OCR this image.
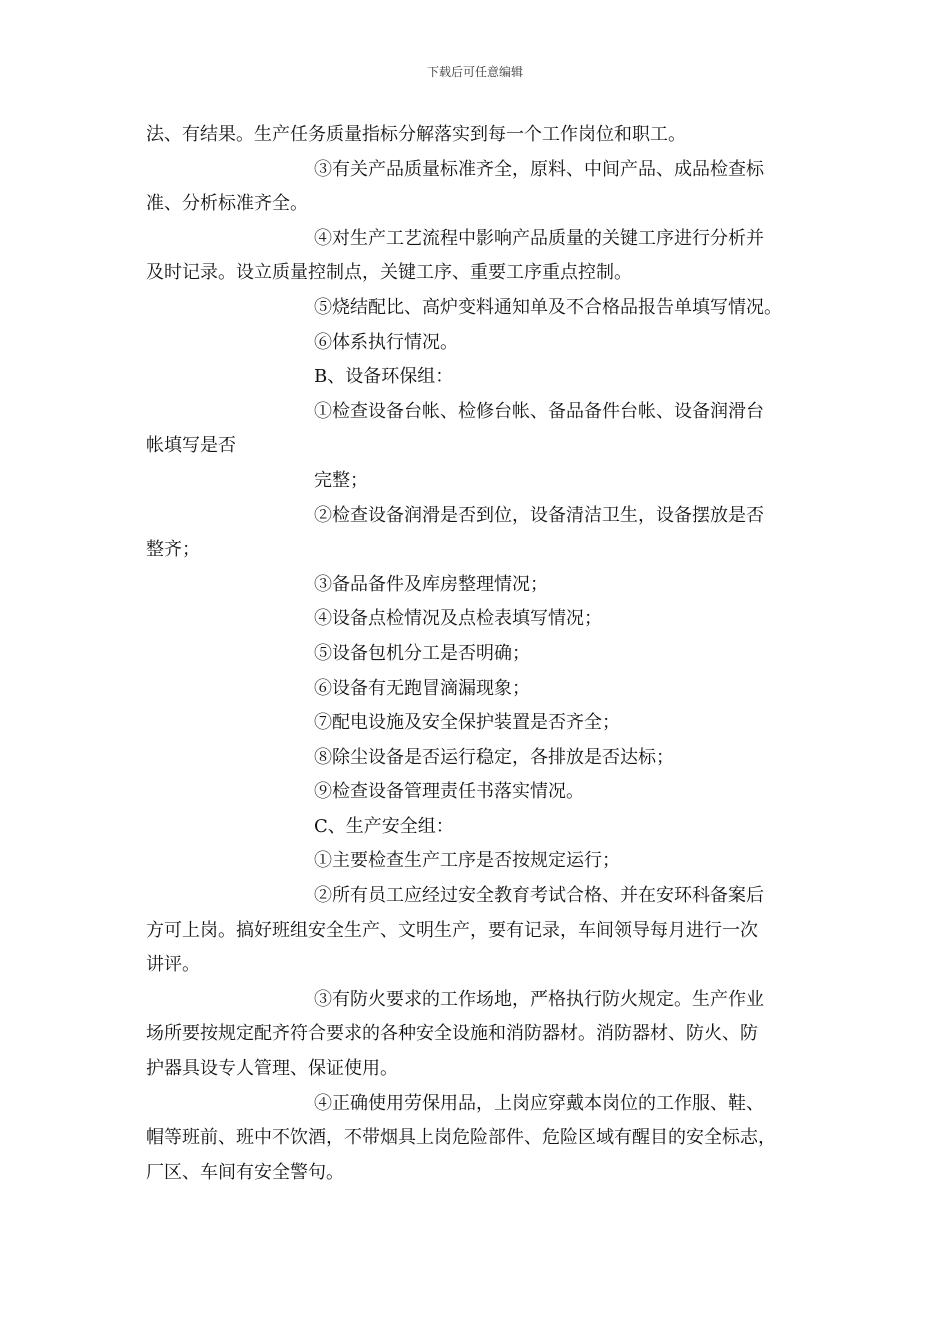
下载后可任意编辑
法、有结果。生产任务质量指标分解落实到每一个工作岗位和职工。
③有关产品质量标准齐全，原料、中间产品、成品检查标
准、分析标准齐全。
④对生产工艺流程中影响产品质量的关键工序进行分析并
及时记录。设立质量控制点，关键工序、重要工序重点控制。
⑤烧结配比、高炉变料通知单及不合格品报告单填写情况。
⑥体系执行情况。
B、设备环保组：
①检查设备台帐、检修台帐、备品备件台帐、设备润滑台
帐填写是否
完整；
②检查设备润滑是否到位，设备清洁卫生，设备摆放是否
整齐；
③备品备件及库房整理情况；
④设备点检情况及点检表填写情况；
⑤设备包机分工是否明确；
⑥设备有无跑冒滴漏现象；
⑦配电设施及安全保护装置是否齐全；
⑧除尘设备是否运行稳定，各排放是否达标；
⑨检查设备管理责任书落实情况。
C、生产安全组：
①主要检查生产工序是否按规定运行；
②所有员工应经过安全教育考试合格、并在安环科备案后
方可上岗。搞好班组安全生产、文明生产，要有记录，车间领导每月进行一次
讲评。
③有防火要求的工作场地，严格执行防火规定。生产作业
场所要按规定配齐符合要求的各种安全设施和消防器材。消防器材、防火、防
护器具设专人管理、保证使用。
④正确使用劳保用品，上岗应穿戴本岗位的工作服、鞋、
帽等班前、班中不饮酒，不带烟具上岗危险部件、危险区域有醒目的安全标志，
厂区、车间有安全警句。
